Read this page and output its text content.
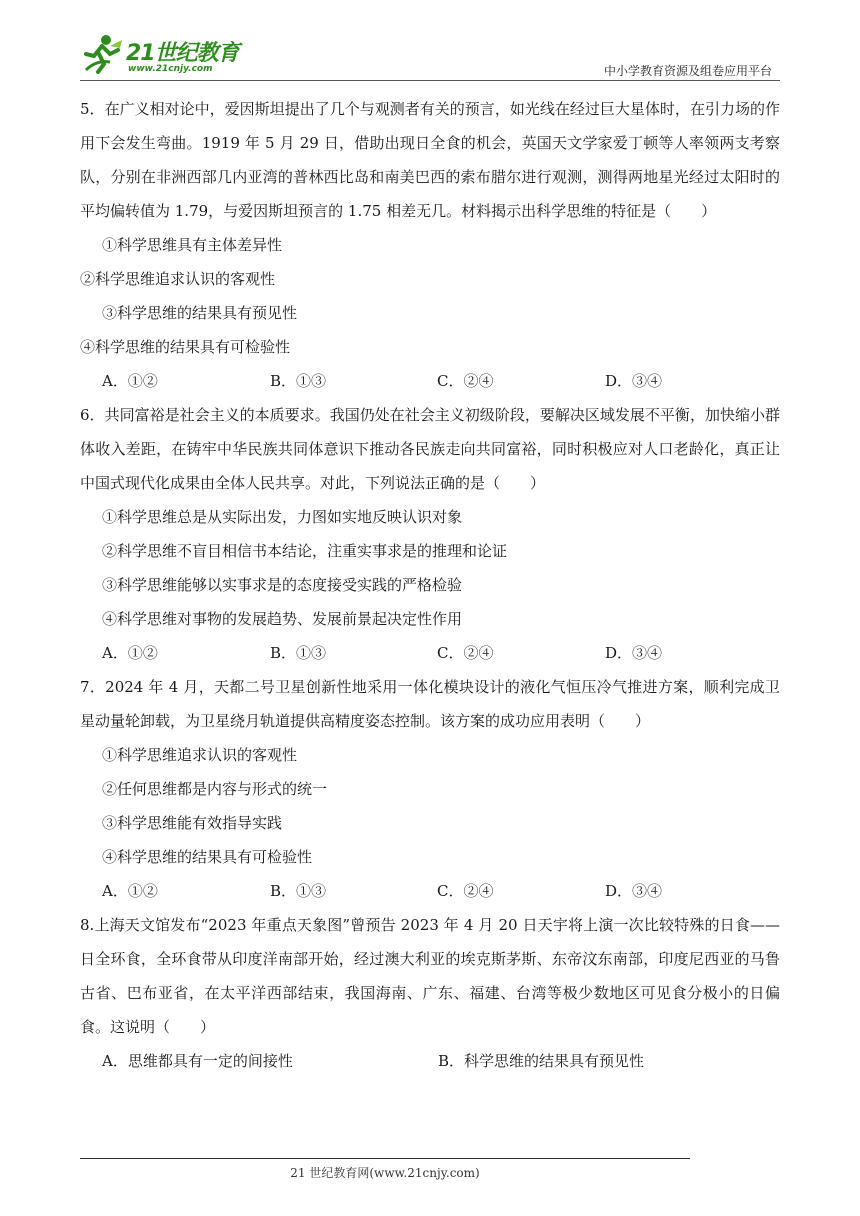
21世纪教育
www.21cnjy.com	中小学教育资源及组卷应用平台

5．在广义相对论中，爱因斯坦提出了几个与观测者有关的预言，如光线在经过巨大星体时，在引力场的作用下会发生弯曲。1919 年 5 月 29 日，借助出现日全食的机会，英国天文学家爱丁顿等人率领两支考察队，分别在非洲西部几内亚湾的普林西比岛和南美巴西的索布腊尔进行观测，测得两地星光经过太阳时的平均偏转值为 1.79，与爱因斯坦预言的 1.75 相差无几。材料揭示出科学思维的特征是（　　）

①科学思维具有主体差异性

②科学思维追求认识的客观性

③科学思维的结果具有预见性

④科学思维的结果具有可检验性

A．①②	B．①③	C．②④	D．③④

6．共同富裕是社会主义的本质要求。我国仍处在社会主义初级阶段，要解决区域发展不平衡，加快缩小群体收入差距，在铸牢中华民族共同体意识下推动各民族走向共同富裕，同时积极应对人口老龄化，真正让中国式现代化成果由全体人民共享。对此，下列说法正确的是（　　）

①科学思维总是从实际出发，力图如实地反映认识对象

②科学思维不盲目相信书本结论，注重实事求是的推理和论证

③科学思维能够以实事求是的态度接受实践的严格检验

④科学思维对事物的发展趋势、发展前景起决定性作用

A．①②	B．①③	C．②④	D．③④

7．2024 年 4 月，天都二号卫星创新性地采用一体化模块设计的液化气恒压冷气推进方案，顺利完成卫星动量轮卸载，为卫星绕月轨道提供高精度姿态控制。该方案的成功应用表明（　　）

①科学思维追求认识的客观性

②任何思维都是内容与形式的统一

③科学思维能有效指导实践

④科学思维的结果具有可检验性

A．①②	B．①③	C．②④	D．③④

8.上海天文馆发布“2023 年重点天象图”曾预告 2023 年 4 月 20 日天宇将上演一次比较特殊的日食——日全环食，全环食带从印度洋南部开始，经过澳大利亚的埃克斯茅斯、东帝汶东南部，印度尼西亚的马鲁古省、巴布亚省，在太平洋西部结束，我国海南、广东、福建、台湾等极少数地区可见食分极小的日偏食。这说明（　　）

A．思维都具有一定的间接性	B．科学思维的结果具有预见性
21 世纪教育网(www.21cnjy.com)
